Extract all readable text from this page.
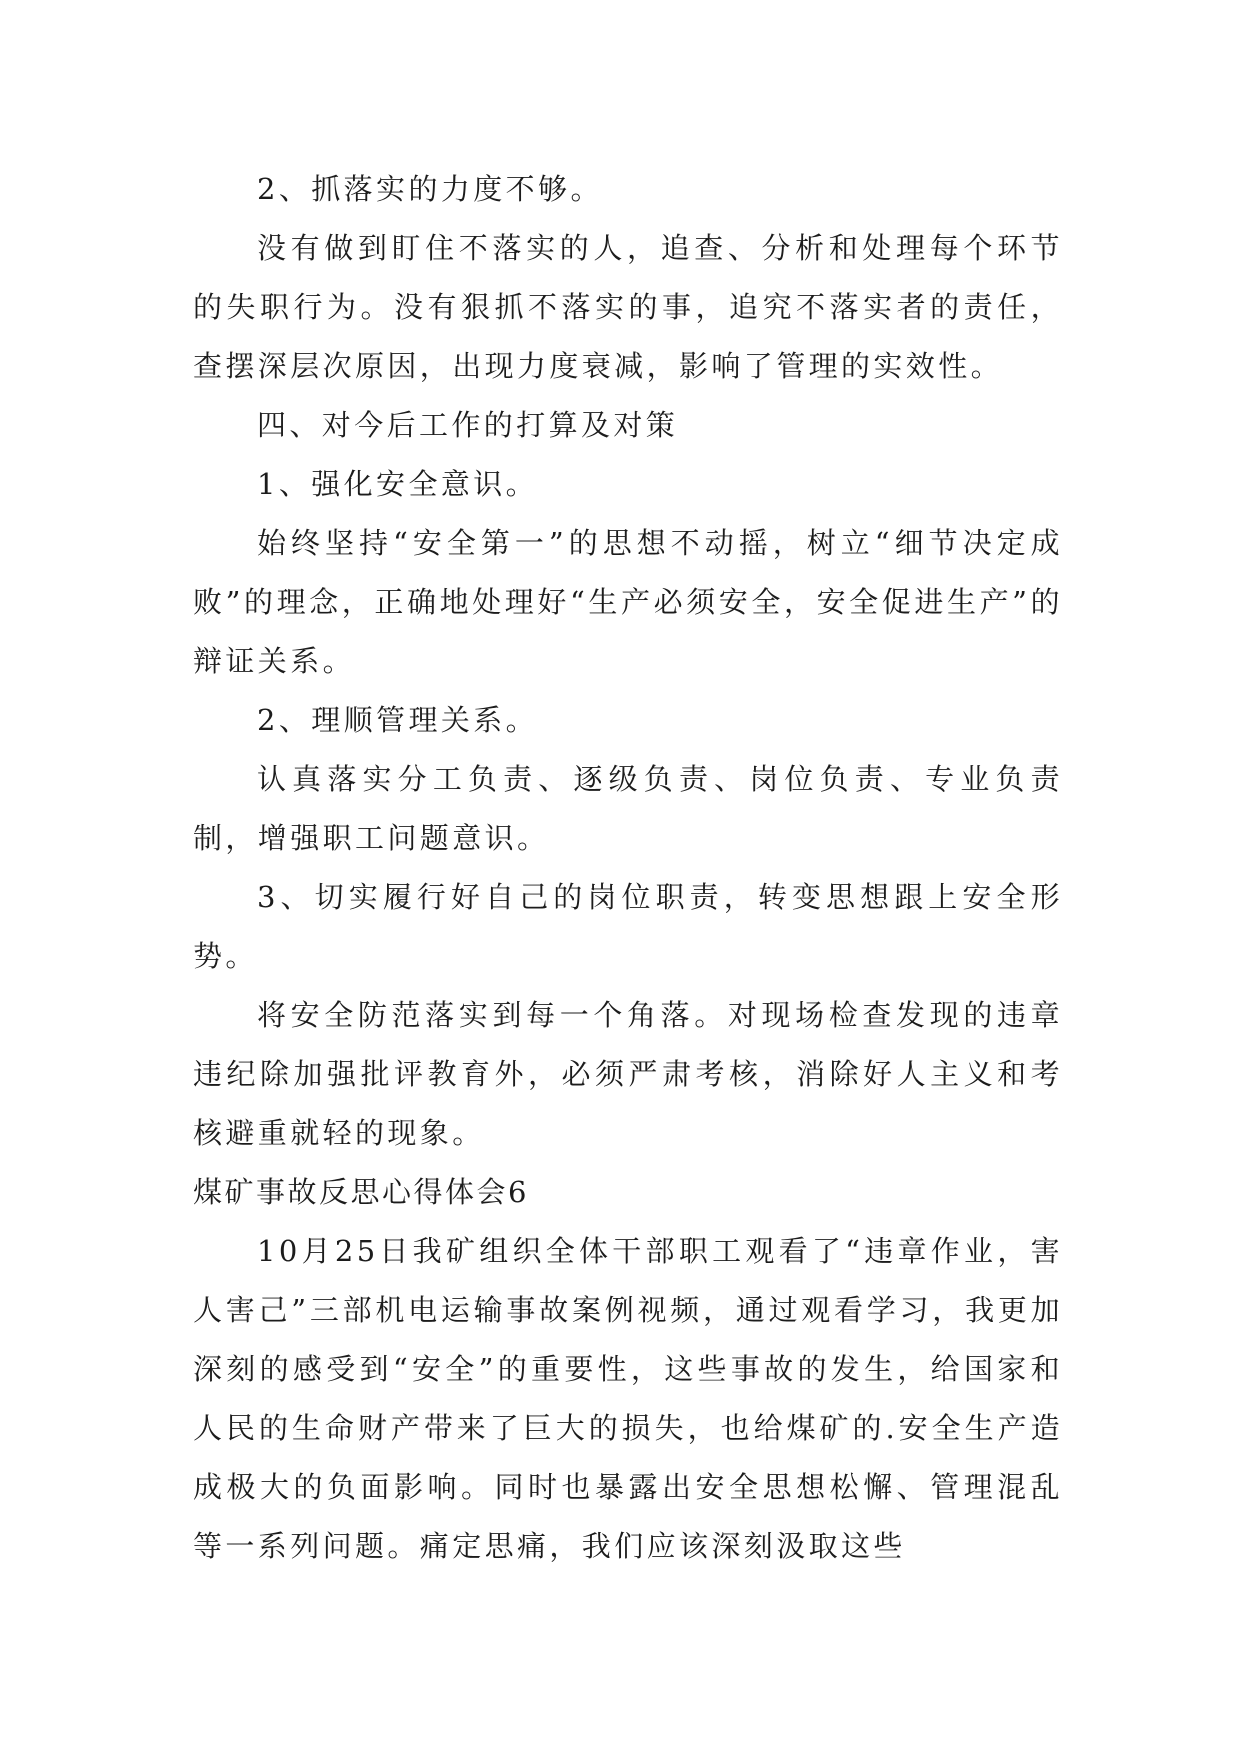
2、抓落实的力度不够。

没有做到盯住不落实的人，追查、分析和处理每个环节的失职行为。没有狠抓不落实的事，追究不落实者的责任，查摆深层次原因，出现力度衰减，影响了管理的实效性。

四、对今后工作的打算及对策

1、强化安全意识。

始终坚持“安全第一”的思想不动摇，树立“细节决定成败”的理念，正确地处理好“生产必须安全，安全促进生产”的辩证关系。

2、理顺管理关系。

认真落实分工负责、逐级负责、岗位负责、专业负责制，增强职工问题意识。

3、切实履行好自己的岗位职责，转变思想跟上安全形势。

将安全防范落实到每一个角落。对现场检查发现的违章违纪除加强批评教育外，必须严肃考核，消除好人主义和考核避重就轻的现象。

煤矿事故反思心得体会6

10月25日我矿组织全体干部职工观看了“违章作业，害人害己”三部机电运输事故案例视频，通过观看学习，我更加深刻的感受到“安全”的重要性，这些事故的发生，给国家和人民的生命财产带来了巨大的损失，也给煤矿的.安全生产造成极大的负面影响。同时也暴露出安全思想松懈、管理混乱等一系列问题。痛定思痛，我们应该深刻汲取这些
